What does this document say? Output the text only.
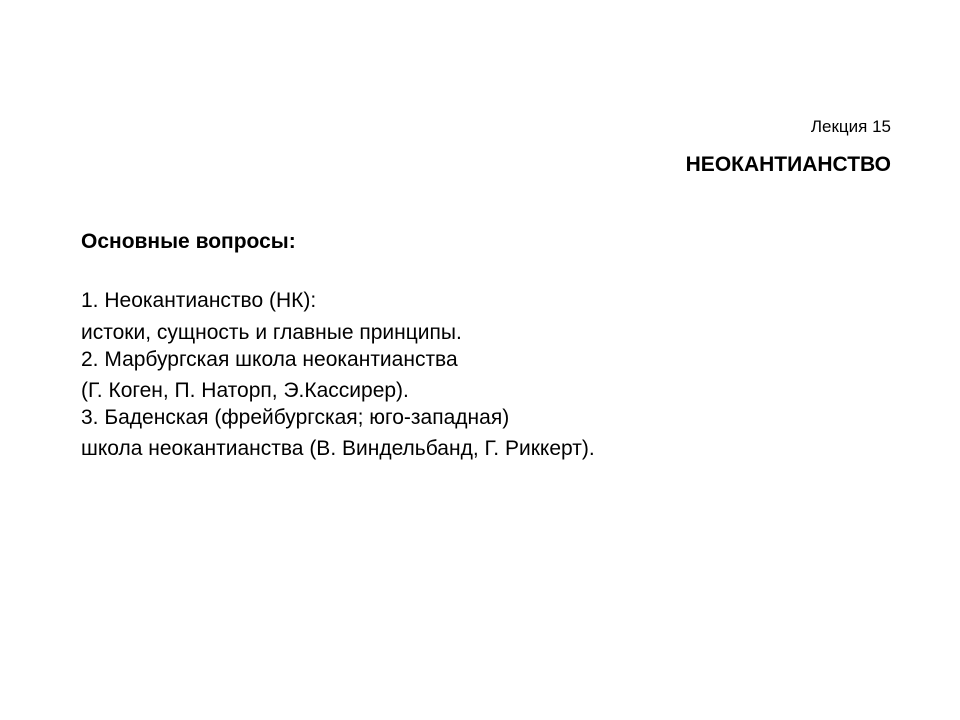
Лекция 15
НЕОКАНТИАНСТВО
Основные вопросы:
1. Неокантианство (НК):
истоки, сущность и главные принципы.
2. Марбургская школа неокантианства
(Г. Коген, П. Наторп, Э.Кассирер).
3. Баденская (фрейбургская; юго-западная)
школа неокантианства (В. Виндельбанд, Г. Риккерт).
